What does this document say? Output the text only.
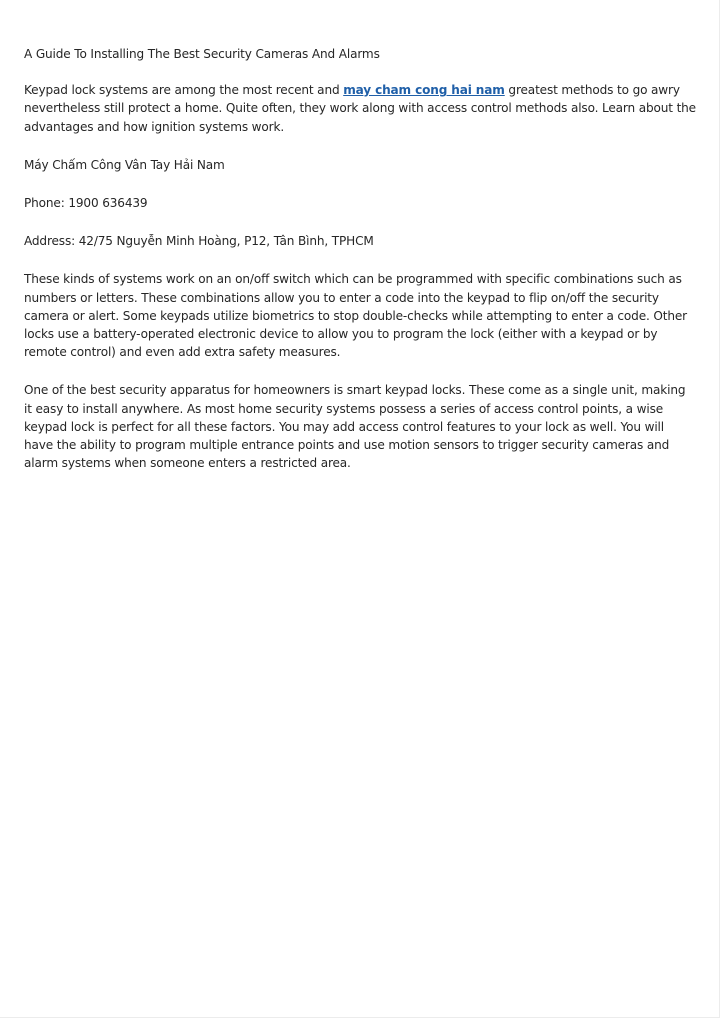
A Guide To Installing The Best Security Cameras And Alarms

Keypad lock systems are among the most recent and may cham cong hai nam greatest methods to go awry nevertheless still protect a home. Quite often, they work along with access control methods also. Learn about the advantages and how ignition systems work.

Máy Chấm Công Vân Tay Hải Nam

Phone: 1900 636439

Address: 42/75 Nguyễn Minh Hoàng, P12, Tân Bình, TPHCM

These kinds of systems work on an on/off switch which can be programmed with specific combinations such as numbers or letters. These combinations allow you to enter a code into the keypad to flip on/off the security camera or alert. Some keypads utilize biometrics to stop double-checks while attempting to enter a code. Other locks use a battery-operated electronic device to allow you to program the lock (either with a keypad or by remote control) and even add extra safety measures.

One of the best security apparatus for homeowners is smart keypad locks. These come as a single unit, making it easy to install anywhere. As most home security systems possess a series of access control points, a wise keypad lock is perfect for all these factors. You may add access control features to your lock as well. You will have the ability to program multiple entrance points and use motion sensors to trigger security cameras and alarm systems when someone enters a restricted area.
